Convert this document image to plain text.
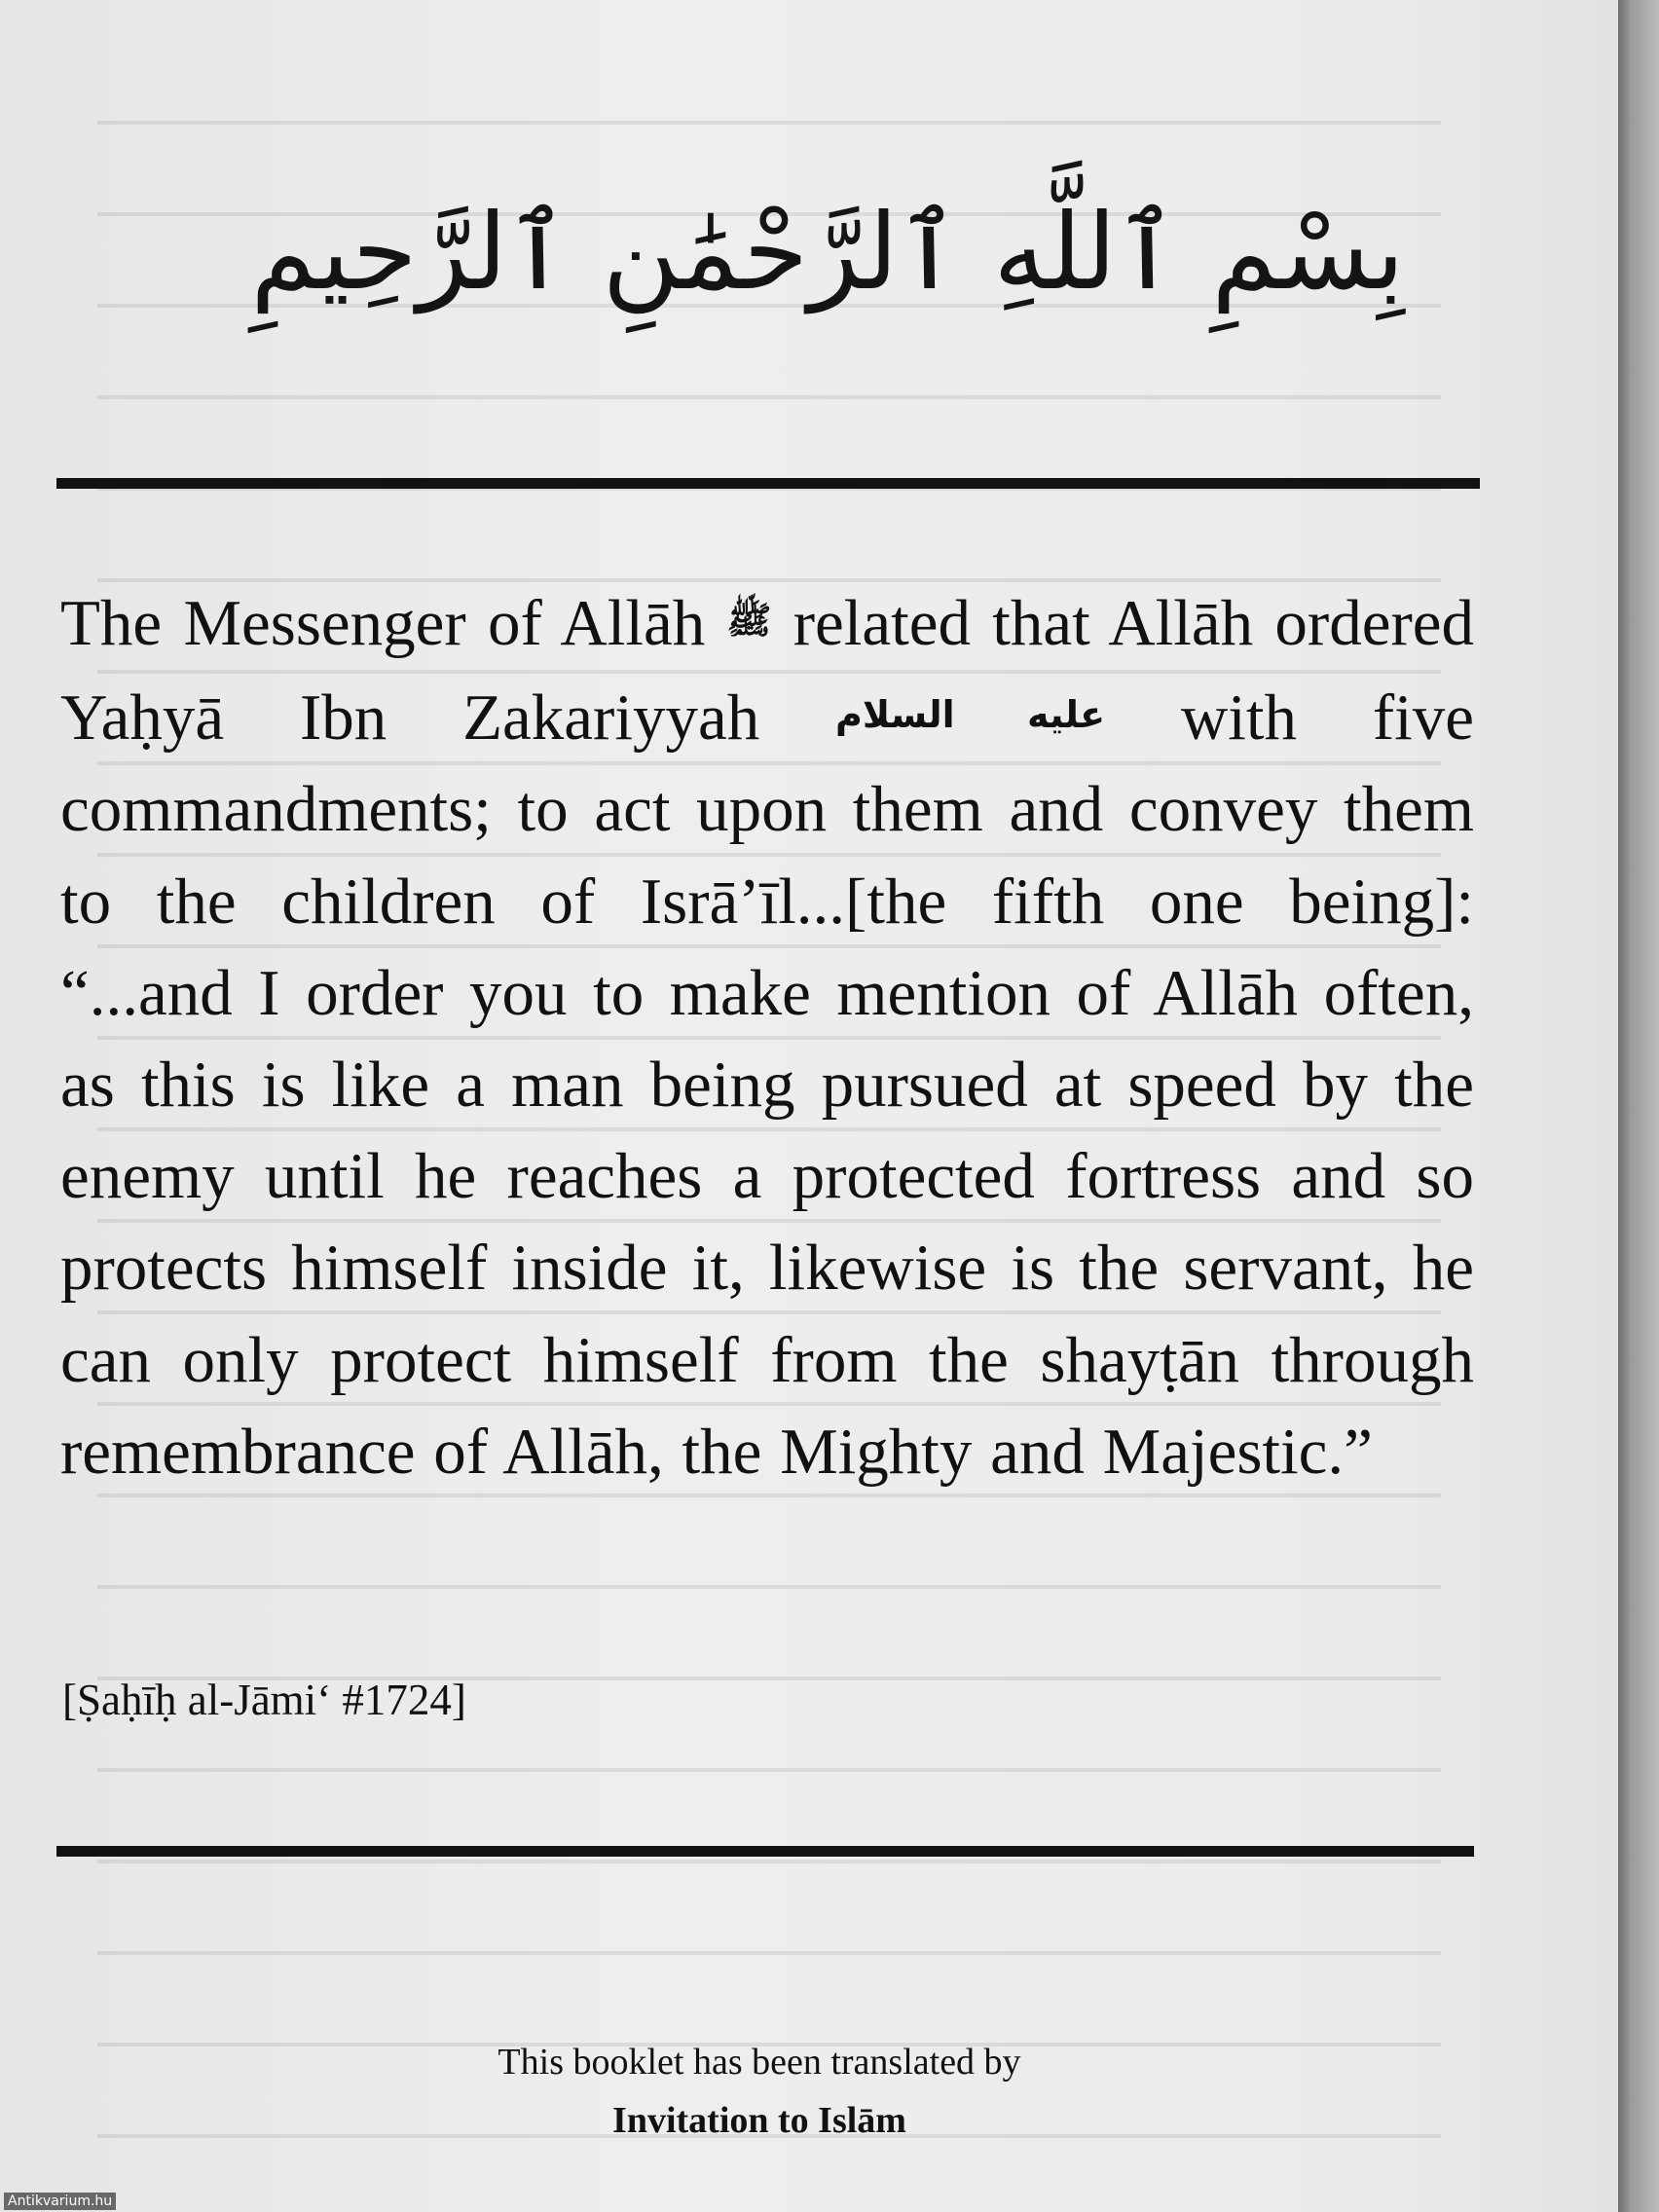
بِسْمِ ٱللَّهِ ٱلرَّحْمَٰنِ ٱلرَّحِيمِ

The Messenger of Allāh ﷺ related that Allāh ordered Yaḥyā Ibn Zakariyyah عليه السلام with five commandments; to act upon them and convey them to the children of Isrā’īl...[the fifth one being]: “...and I order you to make mention of Allāh often, as this is like a man being pursued at speed by the enemy until he reaches a protected fortress and so protects himself inside it, likewise is the servant, he can only protect himself from the shayṭān through remembrance of Allāh, the Mighty and Majestic.”

[Ṣaḥīḥ al-Jāmi‘ #1724]

This booklet has been translated by
Invitation to Islām
Antikvarium.hu
